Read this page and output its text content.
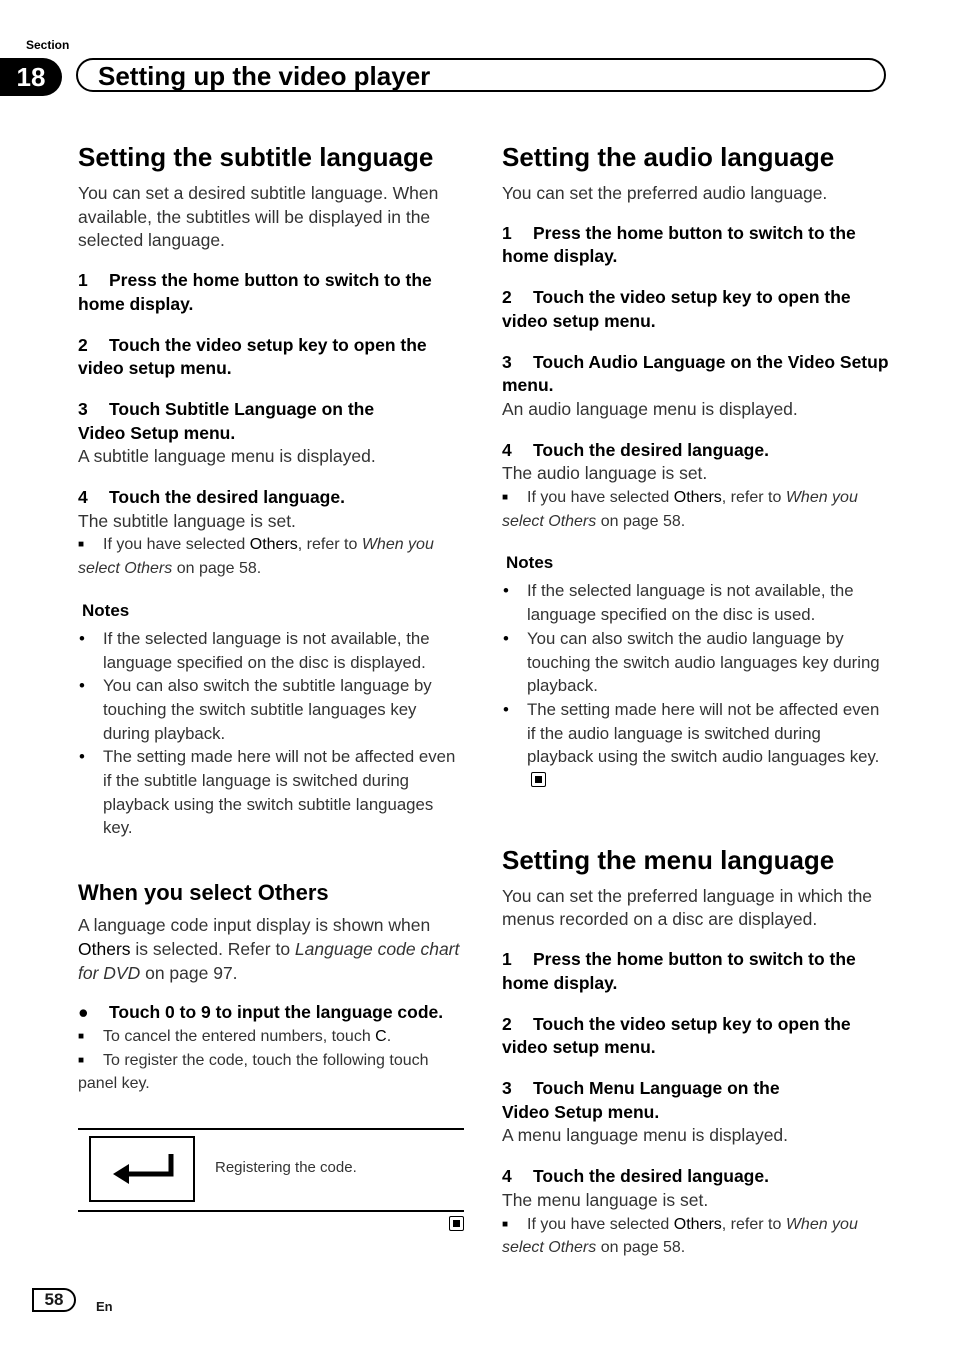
Section
18	Setting up the video player
Setting the subtitle language

You can set a desired subtitle language. When available, the subtitles will be displayed in the selected language.

1 Press the home button to switch to the home display.

2 Touch the video setup key to open the video setup menu.

3 Touch Subtitle Language on the Video Setup menu.

A subtitle language menu is displayed.

4 Touch the desired language.

The subtitle language is set.

■ If you have selected Others, refer to When you select Others on page 58.

Notes
• If the selected language is not available, the language specified on the disc is displayed.
• You can also switch the subtitle language by touching the switch subtitle languages key during playback.
• The setting made here will not be affected even if the subtitle language is switched during playback using the switch subtitle languages key.
When you select Others

A language code input display is shown when Others is selected. Refer to Language code chart for DVD on page 97.

● Touch 0 to 9 to input the language code.

■ To cancel the entered numbers, touch C.

■ To register the code, touch the following touch panel key.

Registering the code.
Setting the audio language

You can set the preferred audio language.

1 Press the home button to switch to the home display.

2 Touch the video setup key to open the video setup menu.

3 Touch Audio Language on the Video Setup menu.

An audio language menu is displayed.

4 Touch the desired language.

The audio language is set.

■ If you have selected Others, refer to When you select Others on page 58.

Notes
• If the selected language is not available, the language specified on the disc is used.
• You can also switch the audio language by touching the switch audio languages key during playback.
• The setting made here will not be affected even if the audio language is switched during playback using the switch audio languages key.
Setting the menu language

You can set the preferred language in which the menus recorded on a disc are displayed.

1 Press the home button to switch to the home display.

2 Touch the video setup key to open the video setup menu.

3 Touch Menu Language on the Video Setup menu.

A menu language menu is displayed.

4 Touch the desired language.

The menu language is set.

■ If you have selected Others, refer to When you select Others on page 58.

58	En
